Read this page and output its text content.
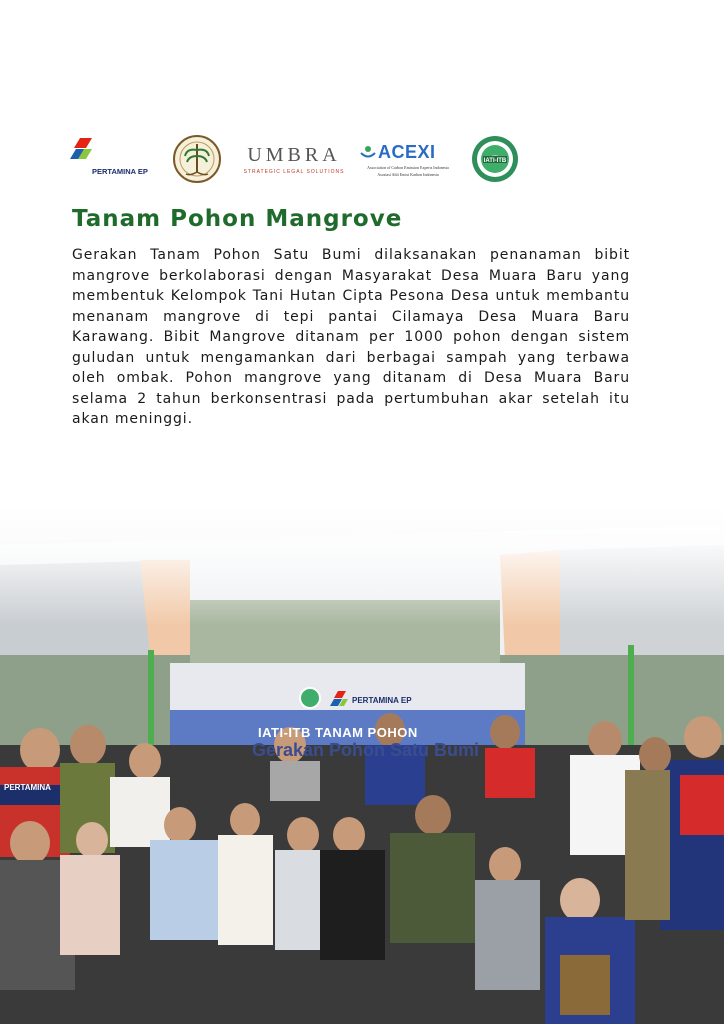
PERTAMINA EP
UMBRA
STRATEGIC LEGAL SOLUTIONS
ACEXI
Association of Carbon Emission Experts Indonesia
Asosiasi Ahli Emisi Karbon Indonesia
IATI-ITB
Tanam Pohon Mangrove

Gerakan Tanam Pohon Satu Bumi dilaksanakan penanaman bibit mangrove berkolaborasi dengan Masyarakat Desa Muara Baru yang membentuk Kelompok Tani Hutan Cipta Pesona Desa untuk membantu menanam mangrove di tepi pantai Cilamaya Desa Muara Baru Karawang. Bibit Mangrove ditanam per 1000 pohon dengan sistem guludan untuk mengamankan dari berbagai sampah yang terbawa oleh ombak. Pohon mangrove yang ditanam di Desa Muara Baru selama 2 tahun berkonsentrasi pada pertumbuhan akar setelah itu akan meninggi.

PERTAMINA EP
IATI-ITB TANAM POHON
Gerakan Pohon Satu Bumi
PERTAMINA
